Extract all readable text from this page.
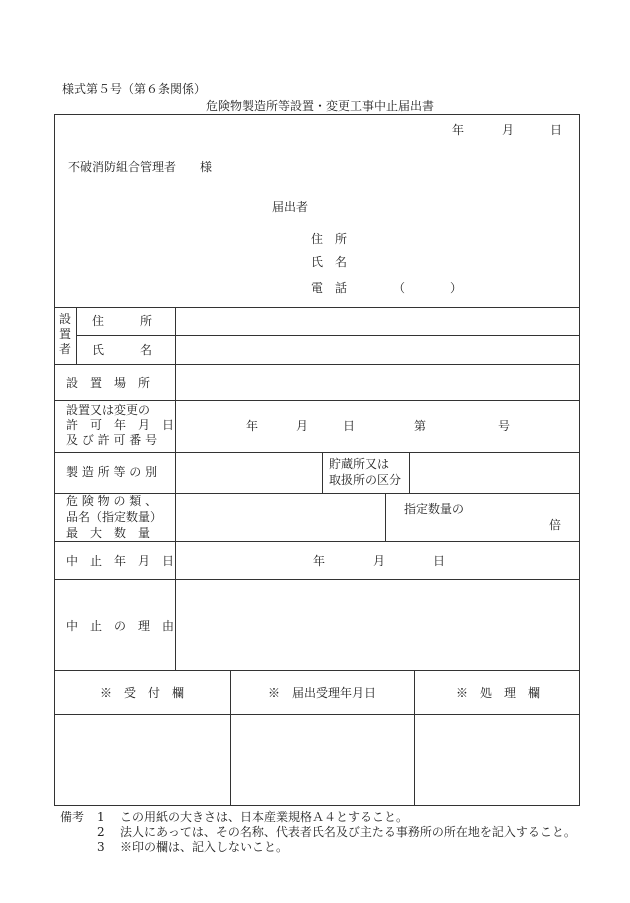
様式第５号（第６条関係）
危険物製造所等設置・変更工事中止届出書
年	月	日
不破消防組合管理者　　様
届出者
住　所
氏　名
電　話	（	）
設置者
住　　　所
氏　　　名
設　置　場　所
設置又は変更の
許　可　年　月　日
及 び 許 可 番 号
年	月	日	第	号
製 造 所 等 の 別
貯蔵所又は
取扱所の区分
危 険 物 の 類 、
品名（指定数量）
最　大　数　量
指定数量の
倍
中　止　年　月　日	年	月	日
中　止　の　理　由
※　受　付　欄	※　届出受理年月日	※　処　理　欄
備考 1 この用紙の大きさは、日本産業規格Ａ４とすること。
2 法人にあっては、その名称、代表者氏名及び主たる事務所の所在地を記入すること。
3 ※印の欄は、記入しないこと。
